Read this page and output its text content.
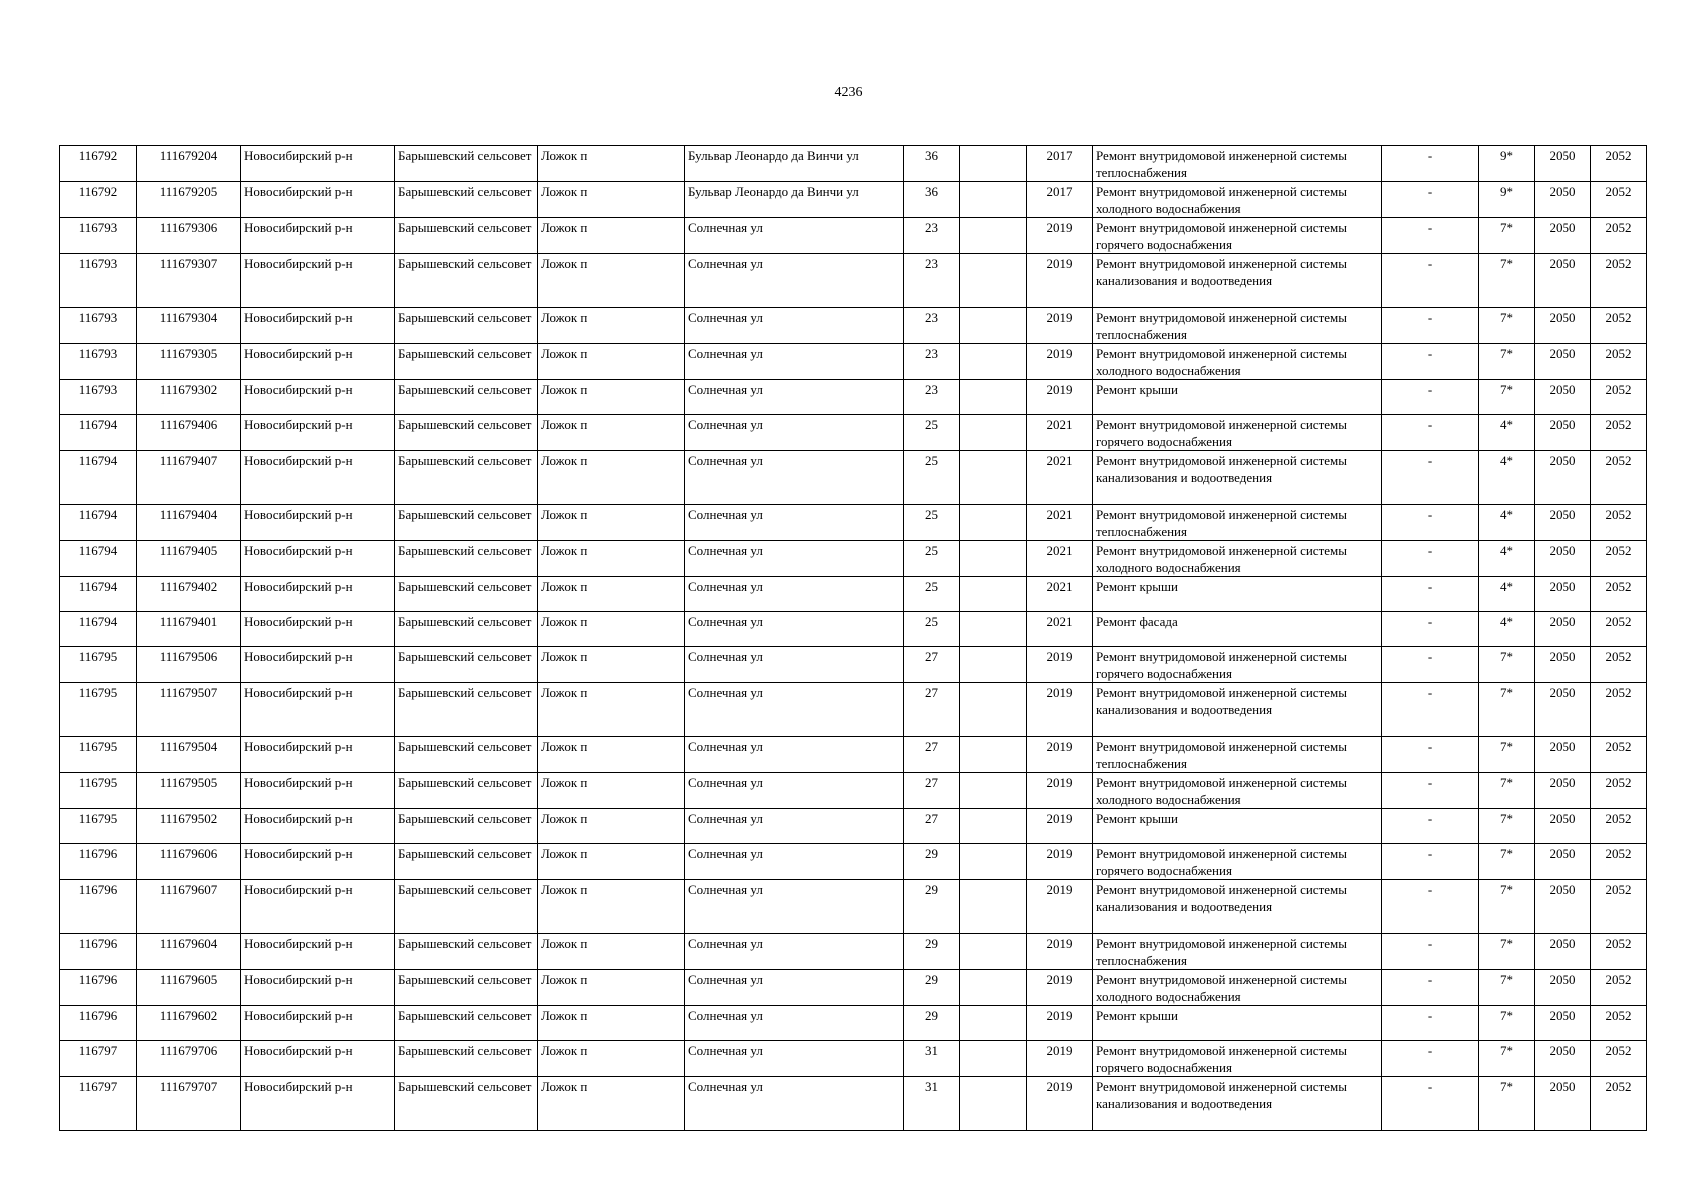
4236
116792	111679204	Новосибирский р-н	Барышевский сельсовет	Ложок п	Бульвар Леонардо да Винчи ул	36		2017	Ремонт внутридомовой инженерной системы теплоснабжения	-	9*	2050	2052
116792	111679205	Новосибирский р-н	Барышевский сельсовет	Ложок п	Бульвар Леонардо да Винчи ул	36		2017	Ремонт внутридомовой инженерной системы холодного водоснабжения	-	9*	2050	2052
116793	111679306	Новосибирский р-н	Барышевский сельсовет	Ложок п	Солнечная ул	23		2019	Ремонт внутридомовой инженерной системы горячего водоснабжения	-	7*	2050	2052
116793	111679307	Новосибирский р-н	Барышевский сельсовет	Ложок п	Солнечная ул	23		2019	Ремонт внутридомовой инженерной системы канализования и водоотведения	-	7*	2050	2052
116793	111679304	Новосибирский р-н	Барышевский сельсовет	Ложок п	Солнечная ул	23		2019	Ремонт внутридомовой инженерной системы теплоснабжения	-	7*	2050	2052
116793	111679305	Новосибирский р-н	Барышевский сельсовет	Ложок п	Солнечная ул	23		2019	Ремонт внутридомовой инженерной системы холодного водоснабжения	-	7*	2050	2052
116793	111679302	Новосибирский р-н	Барышевский сельсовет	Ложок п	Солнечная ул	23		2019	Ремонт крыши	-	7*	2050	2052
116794	111679406	Новосибирский р-н	Барышевский сельсовет	Ложок п	Солнечная ул	25		2021	Ремонт внутридомовой инженерной системы горячего водоснабжения	-	4*	2050	2052
116794	111679407	Новосибирский р-н	Барышевский сельсовет	Ложок п	Солнечная ул	25		2021	Ремонт внутридомовой инженерной системы канализования и водоотведения	-	4*	2050	2052
116794	111679404	Новосибирский р-н	Барышевский сельсовет	Ложок п	Солнечная ул	25		2021	Ремонт внутридомовой инженерной системы теплоснабжения	-	4*	2050	2052
116794	111679405	Новосибирский р-н	Барышевский сельсовет	Ложок п	Солнечная ул	25		2021	Ремонт внутридомовой инженерной системы холодного водоснабжения	-	4*	2050	2052
116794	111679402	Новосибирский р-н	Барышевский сельсовет	Ложок п	Солнечная ул	25		2021	Ремонт крыши	-	4*	2050	2052
116794	111679401	Новосибирский р-н	Барышевский сельсовет	Ложок п	Солнечная ул	25		2021	Ремонт фасада	-	4*	2050	2052
116795	111679506	Новосибирский р-н	Барышевский сельсовет	Ложок п	Солнечная ул	27		2019	Ремонт внутридомовой инженерной системы горячего водоснабжения	-	7*	2050	2052
116795	111679507	Новосибирский р-н	Барышевский сельсовет	Ложок п	Солнечная ул	27		2019	Ремонт внутридомовой инженерной системы канализования и водоотведения	-	7*	2050	2052
116795	111679504	Новосибирский р-н	Барышевский сельсовет	Ложок п	Солнечная ул	27		2019	Ремонт внутридомовой инженерной системы теплоснабжения	-	7*	2050	2052
116795	111679505	Новосибирский р-н	Барышевский сельсовет	Ложок п	Солнечная ул	27		2019	Ремонт внутридомовой инженерной системы холодного водоснабжения	-	7*	2050	2052
116795	111679502	Новосибирский р-н	Барышевский сельсовет	Ложок п	Солнечная ул	27		2019	Ремонт крыши	-	7*	2050	2052
116796	111679606	Новосибирский р-н	Барышевский сельсовет	Ложок п	Солнечная ул	29		2019	Ремонт внутридомовой инженерной системы горячего водоснабжения	-	7*	2050	2052
116796	111679607	Новосибирский р-н	Барышевский сельсовет	Ложок п	Солнечная ул	29		2019	Ремонт внутридомовой инженерной системы канализования и водоотведения	-	7*	2050	2052
116796	111679604	Новосибирский р-н	Барышевский сельсовет	Ложок п	Солнечная ул	29		2019	Ремонт внутридомовой инженерной системы теплоснабжения	-	7*	2050	2052
116796	111679605	Новосибирский р-н	Барышевский сельсовет	Ложок п	Солнечная ул	29		2019	Ремонт внутридомовой инженерной системы холодного водоснабжения	-	7*	2050	2052
116796	111679602	Новосибирский р-н	Барышевский сельсовет	Ложок п	Солнечная ул	29		2019	Ремонт крыши	-	7*	2050	2052
116797	111679706	Новосибирский р-н	Барышевский сельсовет	Ложок п	Солнечная ул	31		2019	Ремонт внутридомовой инженерной системы горячего водоснабжения	-	7*	2050	2052
116797	111679707	Новосибирский р-н	Барышевский сельсовет	Ложок п	Солнечная ул	31		2019	Ремонт внутридомовой инженерной системы канализования и водоотведения	-	7*	2050	2052
